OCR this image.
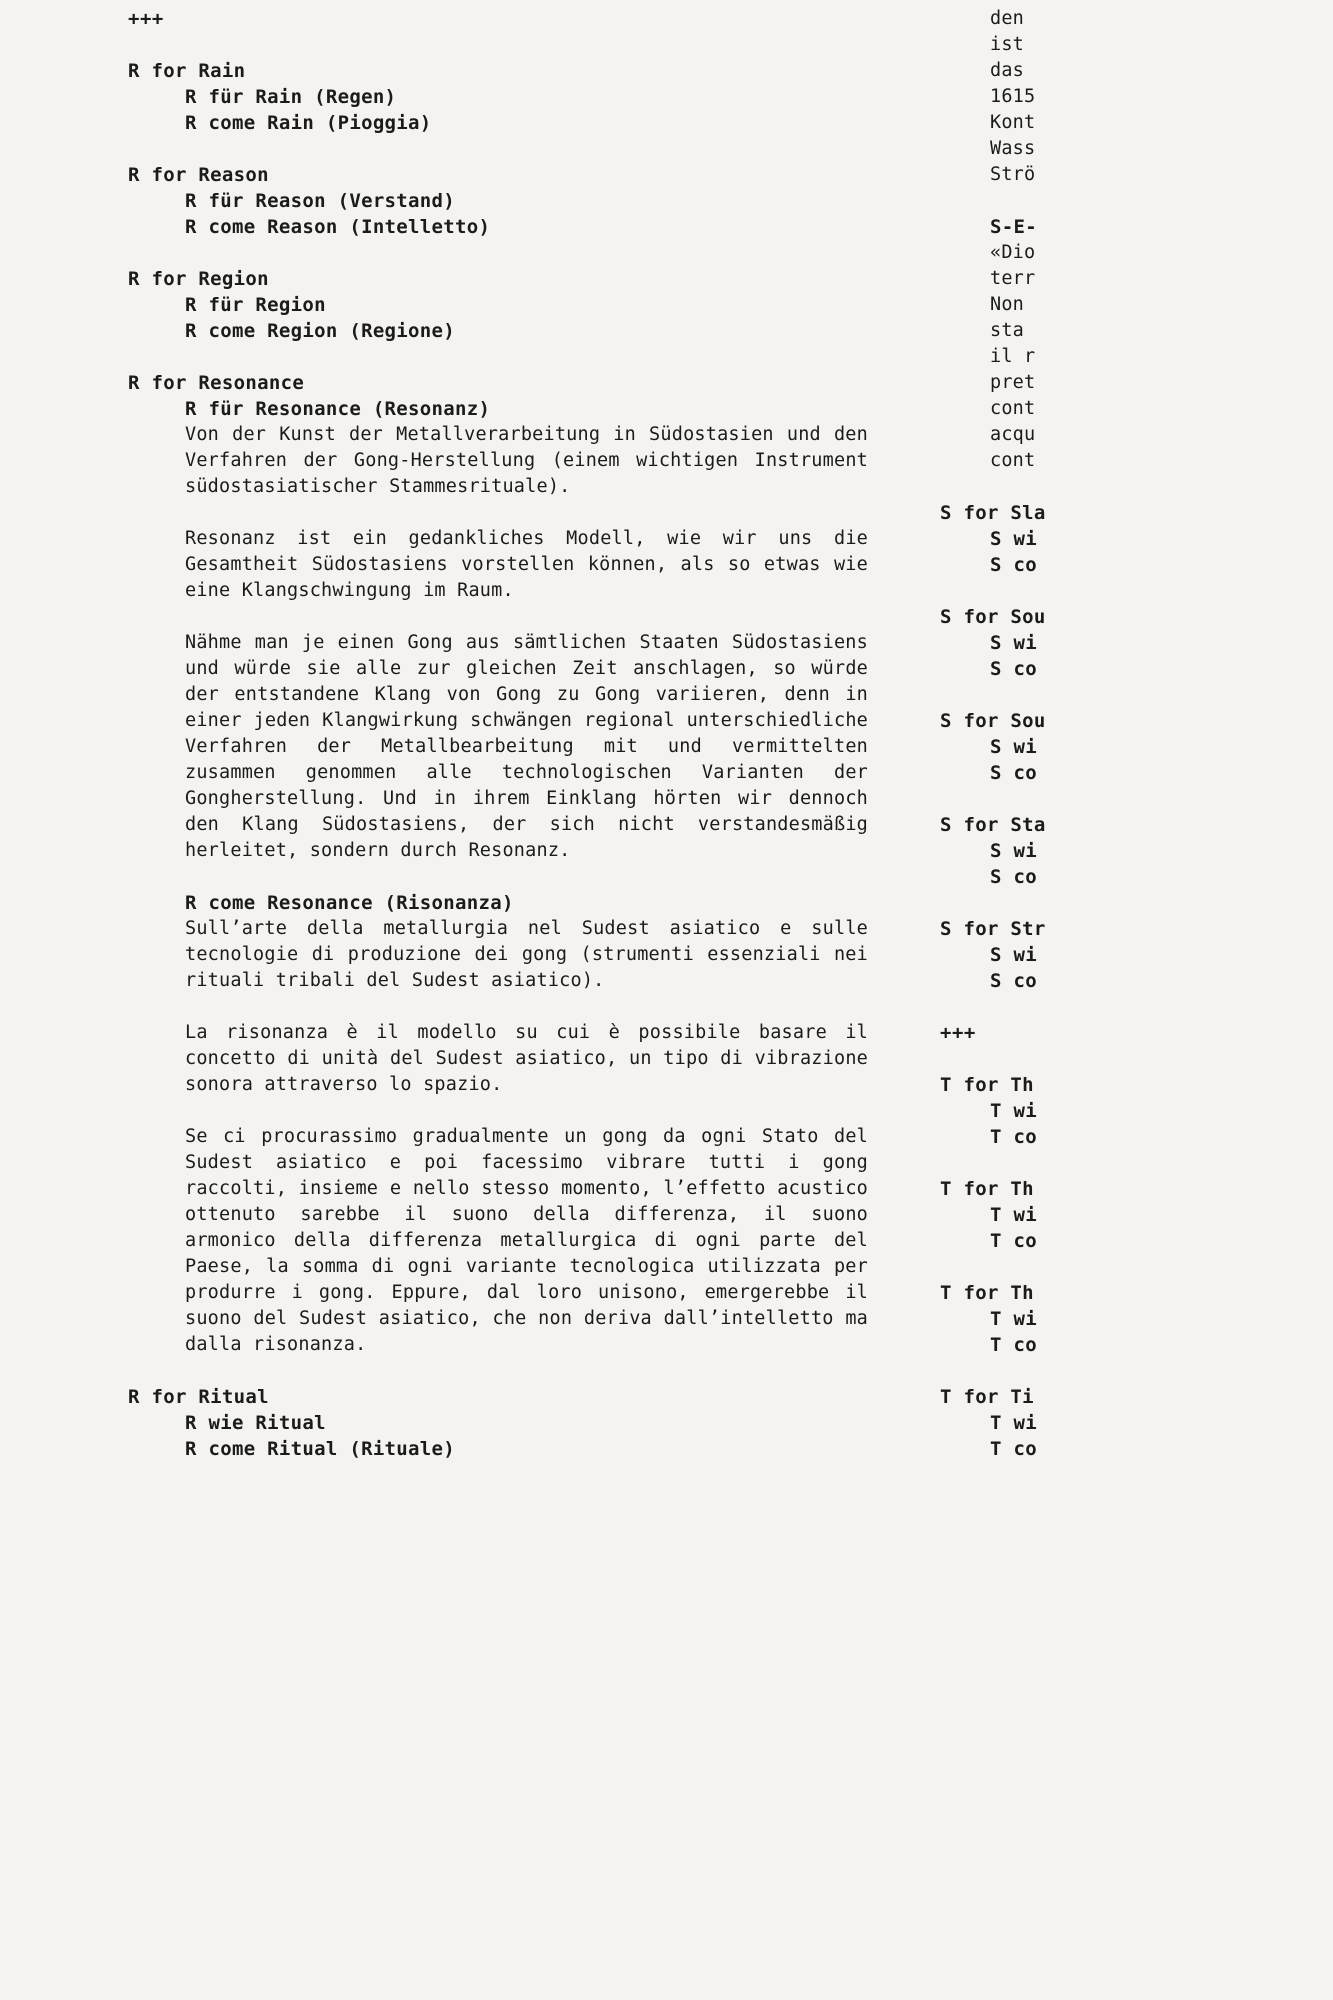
+++

R for Rain

R für Rain (Regen)

R come Rain (Pioggia)

R for Reason

R für Reason (Verstand)

R come Reason (Intelletto)

R for Region

R für Region

R come Region (Regione)

R for Resonance

R für Resonance (Resonanz)

Von der Kunst der Metallverarbeitung in Südostasien und den Verfahren der Gong-Herstellung (einem wichtigen Instrument südostasiatischer Stammesrituale).

Resonanz ist ein gedankliches Modell, wie wir uns die Gesamtheit Südostasiens vorstellen können, als so etwas wie eine Klangschwingung im Raum.

Nähme man je einen Gong aus sämtlichen Staaten Südostasiens und würde sie alle zur gleichen Zeit anschlagen, so würde der entstandene Klang von Gong zu Gong variieren, denn in einer jeden Klangwirkung schwängen regional unterschiedliche Verfahren der Metallbearbeitung mit und vermittelten zusammen genommen alle technologischen Varianten der Gongherstellung. Und in ihrem Einklang hörten wir dennoch den Klang Südostasiens, der sich nicht verstandesmäßig herleitet, sondern durch Resonanz.

R come Resonance (Risonanza)

Sull’arte della metallurgia nel Sudest asiatico e sulle tecnologie di produzione dei gong (strumenti essenziali nei rituali tribali del Sudest asiatico).

La risonanza è il modello su cui è possibile basare il concetto di unità del Sudest asiatico, un tipo di vibrazione sonora attraverso lo spazio.

Se ci procurassimo gradualmente un gong da ogni Stato del Sudest asiatico e poi facessimo vibrare tutti i gong raccolti, insieme e nello stesso momento, l’effetto acustico ottenuto sarebbe il suono della differenza, il suono armonico della differenza metallurgica di ogni parte del Paese, la somma di ogni variante tecnologica utilizzata per produrre i gong. Eppure, dal loro unisono, emergerebbe il suono del Sudest asiatico, che non deriva dall’intelletto ma dalla risonanza.

R for Ritual

R wie Ritual

R come Ritual (Rituale)

den

ist

das

1615

Kont

Wass

Strö

S-E-

«Dio

terr

Non

sta

il r

pret

cont

acqu

cont

S for Sla

S wi

S co

S for Sou

S wi

S co

S for Sou

S wi

S co

S for Sta

S wi

S co

S for Str

S wi

S co

+++

T for Th

T wi

T co

T for Th

T wi

T co

T for Th

T wi

T co

T for Ti

T wi

T co
